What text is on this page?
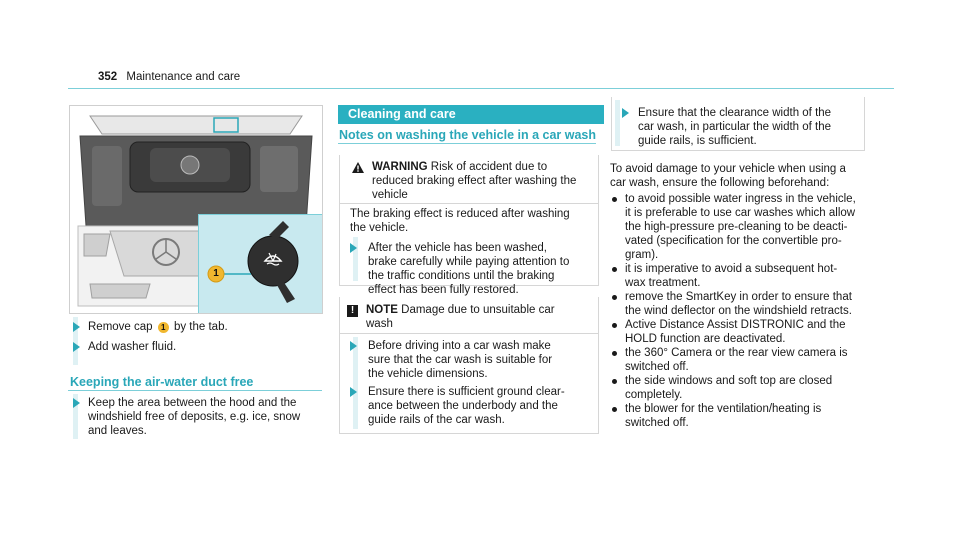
352 Maintenance and care
1
Remove cap 1 by the tab.
Add washer fluid.
Keeping the air-water duct free
Keep the area between the hood and the
windshield free of deposits, e.g. ice, snow
and leaves.
Cleaning and care
Notes on washing the vehicle in a car wash
WARNING Risk of accident due to
reduced braking effect after washing the
vehicle
The braking effect is reduced after washing
the vehicle.
After the vehicle has been washed,
brake carefully while paying attention to
the traffic conditions until the braking
effect has been fully restored.
!	NOTE Damage due to unsuitable car
wash
Before driving into a car wash make
sure that the car wash is suitable for
the vehicle dimensions.
Ensure there is sufficient ground clear-
ance between the underbody and the
guide rails of the car wash.
Ensure that the clearance width of the
car wash, in particular the width of the
guide rails, is sufficient.
To avoid damage to your vehicle when using a
car wash, ensure the following beforehand:
to avoid possible water ingress in the vehicle,
it is preferable to use car washes which allow
the high-pressure pre-cleaning to be deacti-
vated (specification for the convertible pro-
gram).
it is imperative to avoid a subsequent hot-
wax treatment.
remove the SmartKey in order to ensure that
the wind deflector on the windshield retracts.
Active Distance Assist DISTRONIC and the
HOLD function are deactivated.
the 360° Camera or the rear view camera is
switched off.
the side windows and soft top are closed
completely.
the blower for the ventilation/heating is
switched off.
